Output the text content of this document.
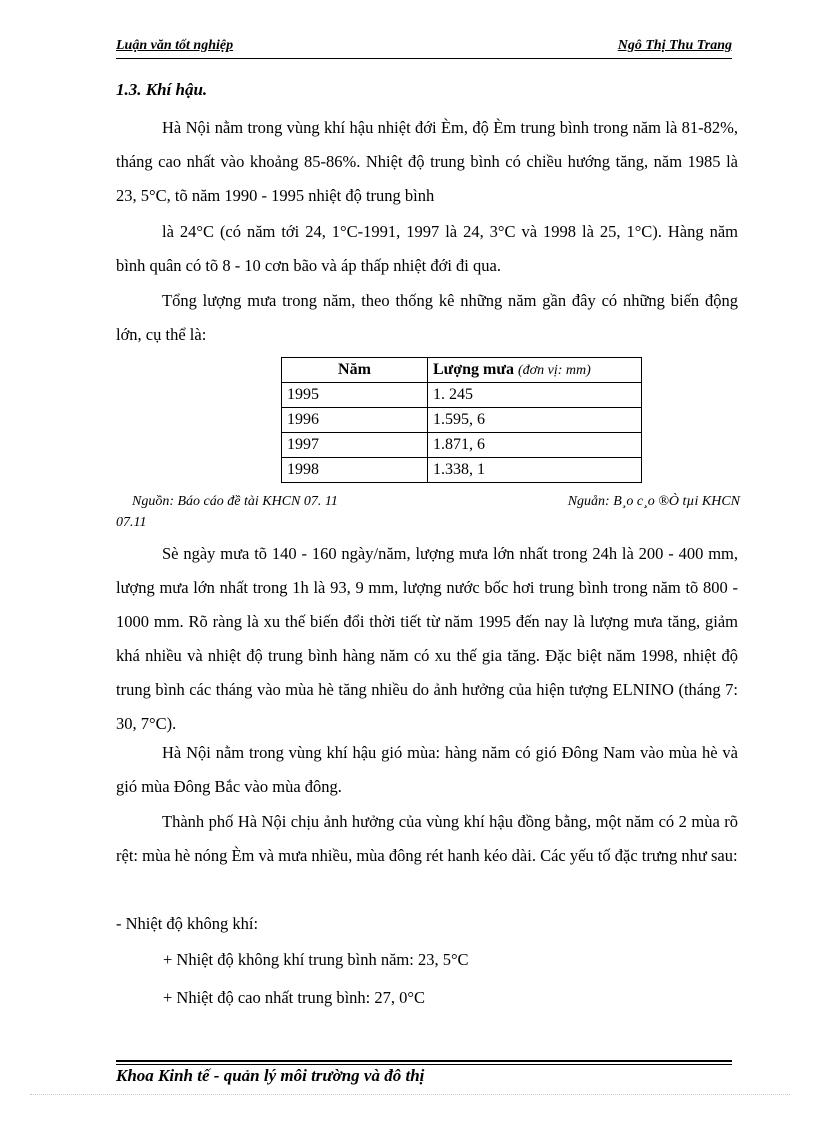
Luận văn tốt nghiệp	Ngô Thị Thu Trang
1.3. Khí hậu.
Hà Nội nằm trong vùng khí hậu nhiệt đới Èm, độ Èm trung bình trong năm là 81-82%, tháng cao nhất vào khoảng 85-86%. Nhiệt độ trung bình có chiều hướng tăng, năm 1985 là 23, 5°C, tõ năm 1990 - 1995 nhiệt độ trung bình
là 24°C (có năm tới 24, 1°C-1991, 1997 là 24, 3°C và 1998 là 25, 1°C). Hàng năm bình quân có tõ 8 - 10 cơn bão và áp thấp nhiệt đới đi qua.
Tổng lượng mưa trong năm, theo thống kê những năm gần đây có những biến động lớn, cụ thể là:
Năm	Lượng mưa (đơn vị: mm)
1995	1. 245
1996	1.595, 6
1997	1.871, 6
1998	1.338, 1
Nguồn: Báo cáo đề tài KHCN 07. 11	Nguån: B¸o c¸o ®Ò tµi KHCN
07.11
Sè ngày mưa tõ 140 - 160 ngày/năm, lượng mưa lớn nhất trong 24h là 200 - 400 mm, lượng mưa lớn nhất trong 1h là 93, 9 mm, lượng nước bốc hơi trung bình trong năm tõ 800 - 1000 mm. Rõ ràng là xu thế biến đổi thời tiết từ năm 1995 đến nay là lượng mưa tăng, giảm khá nhiều và nhiệt độ trung bình hàng năm có xu thế gia tăng. Đặc biệt năm 1998, nhiệt độ trung bình các tháng vào mùa hè tăng nhiều do ảnh hưởng của hiện tượng ELNINO (tháng 7: 30, 7°C).
Hà Nội nằm trong vùng khí hậu gió mùa: hàng năm có gió Đông Nam vào mùa hè và gió mùa Đông Bắc vào mùa đông.
Thành phố Hà Nội chịu ảnh hưởng của vùng khí hậu đồng bằng, một năm có 2 mùa rõ rệt: mùa hè nóng Èm và mưa nhiều, mùa đông rét hanh kéo dài. Các yếu tố đặc trưng như sau:
- Nhiệt độ không khí:
+ Nhiệt độ không khí trung bình năm: 23, 5°C
+ Nhiệt độ cao nhất trung bình: 27, 0°C
Khoa Kinh tế - quản lý môi trường và đô thị
